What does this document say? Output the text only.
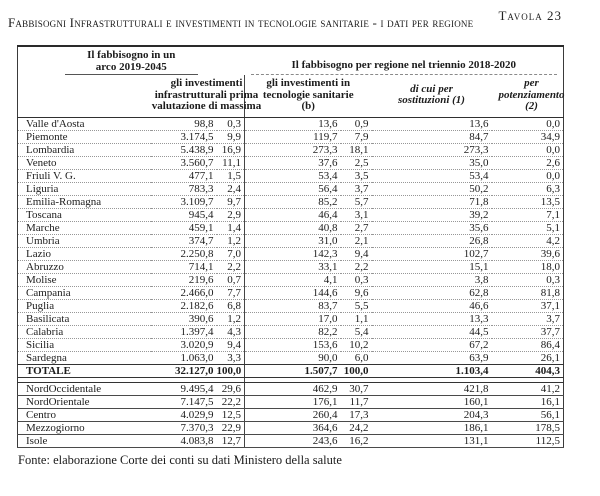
Tavola 23
Fabbisogni Infrastrutturali e investimenti in tecnologie sanitarie - i dati per regione
Il fabbisogno in un
arco 2019-2045			Il fabbisogno per regione nel triennio 2018-2020			

	gli investimenti infrastrutturali prima valutazione di massima		gli investimenti in tecnologie sanitarie (b)		di cui per sostituzioni (1)	per potenziamento (2)

Valle d'Aosta	98,8	0,3	13,6	0,9	13,6	0,0
Piemonte	3.174,5	9,9	119,7	7,9	84,7	34,9
Lombardia	5.438,9	16,9	273,3	18,1	273,3	0,0
Veneto	3.560,7	11,1	37,6	2,5	35,0	2,6
Friuli V. G.	477,1	1,5	53,4	3,5	53,4	0,0
Liguria	783,3	2,4	56,4	3,7	50,2	6,3
Emilia-Romagna	3.109,7	9,7	85,2	5,7	71,8	13,5
Toscana	945,4	2,9	46,4	3,1	39,2	7,1
Marche	459,1	1,4	40,8	2,7	35,6	5,1
Umbria	374,7	1,2	31,0	2,1	26,8	4,2
Lazio	2.250,8	7,0	142,3	9,4	102,7	39,6
Abruzzo	714,1	2,2	33,1	2,2	15,1	18,0
Molise	219,6	0,7	4,1	0,3	3,8	0,3
Campania	2.466,0	7,7	144,6	9,6	62,8	81,8
Puglia	2.182,6	6,8	83,7	5,5	46,6	37,1
Basilicata	390,6	1,2	17,0	1,1	13,3	3,7
Calabria	1.397,4	4,3	82,2	5,4	44,5	37,7
Sicilia	3.020,9	9,4	153,6	10,2	67,2	86,4
Sardegna	1.063,0	3,3	90,0	6,0	63,9	26,1
TOTALE	32.127,0	100,0	1.507,7	100,0	1.103,4	404,3

NordOccidentale	9.495,4	29,6	462,9	30,7	421,8	41,2
NordOrientale	7.147,5	22,2	176,1	11,7	160,1	16,1
Centro	4.029,9	12,5	260,4	17,3	204,3	56,1
Mezzogiorno	7.370,3	22,9	364,6	24,2	186,1	178,5
Isole	4.083,8	12,7	243,6	16,2	131,1	112,5
Fonte: elaborazione Corte dei conti su dati Ministero della salute
